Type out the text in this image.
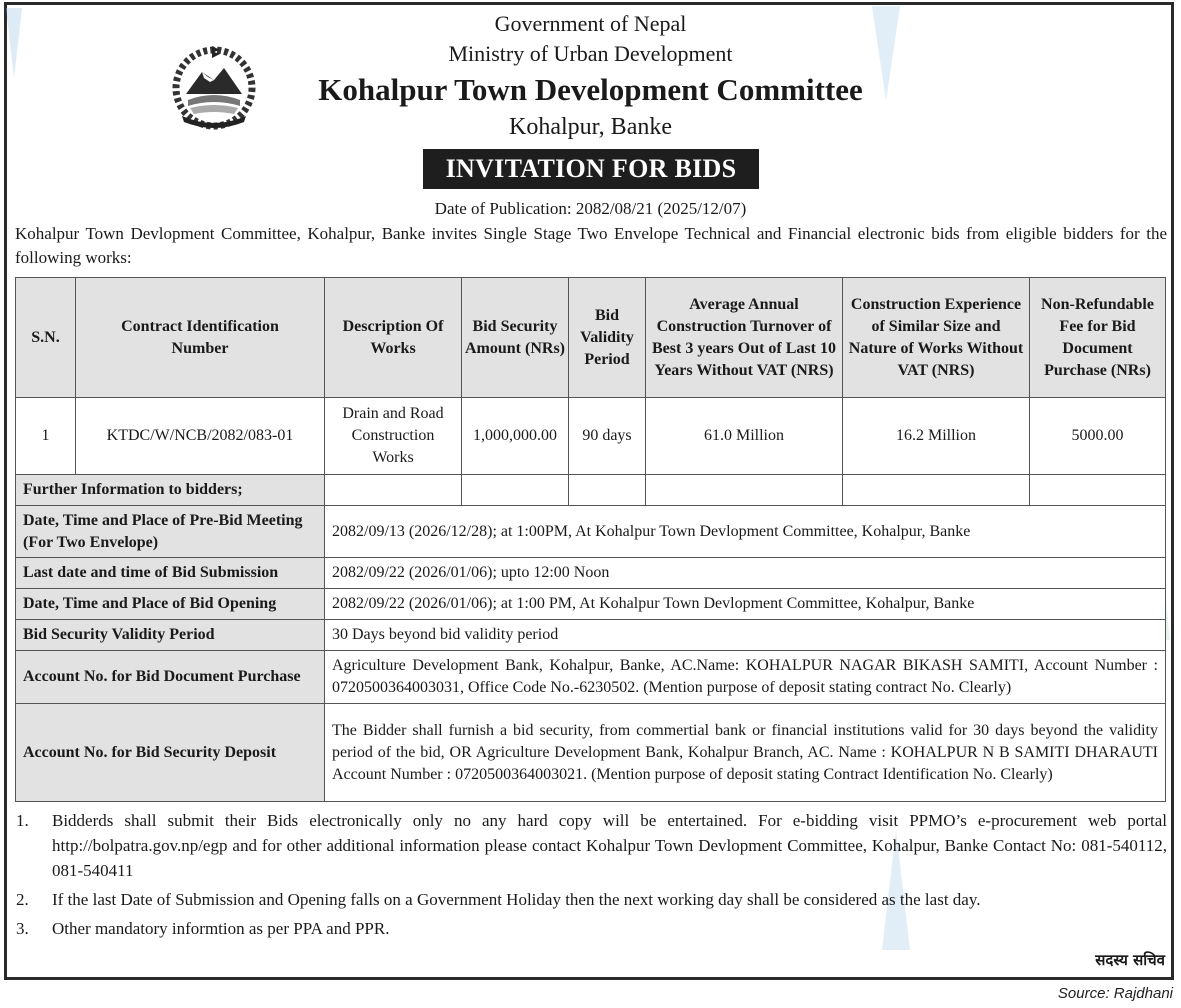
Government of Nepal
Ministry of Urban Development
Kohalpur Town Development Committee
Kohalpur, Banke
INVITATION FOR BIDS
Date of Publication: 2082/08/21 (2025/12/07)
Kohalpur Town Devlopment Committee, Kohalpur, Banke invites Single Stage Two Envelope Technical and Financial electronic bids from eligible bidders for the following works:
S.N.	Contract Identification Number	Description Of Works	Bid Security Amount (NRs)	Bid Validity Period	Average Annual Construction Turnover of Best 3 years Out of Last 10 Years Without VAT (NRS)	Construction Experience of Similar Size and Nature of Works Without VAT (NRS)	Non-Refundable Fee for Bid Document Purchase (NRs)
1	KTDC/W/NCB/2082/083-01	Drain and Road Construction Works	1,000,000.00	90 days	61.0 Million	16.2 Million	5000.00
Further Information to bidders;							
Date, Time and Place of Pre-Bid Meeting (For Two Envelope)		2082/09/13 (2026/12/28); at 1:00PM, At Kohalpur Town Devlopment Committee, Kohalpur, Banke					
Last date and time of Bid Submission		2082/09/22 (2026/01/06); upto 12:00 Noon					
Date, Time and Place of Bid Opening		2082/09/22 (2026/01/06); at 1:00 PM, At Kohalpur Town Devlopment Committee, Kohalpur, Banke					
Bid Security Validity Period		30 Days beyond bid validity period					
Account No. for Bid Document Purchase		Agriculture Development Bank, Kohalpur, Banke, AC.Name: KOHALPUR NAGAR BIKASH SAMITI, Account Number : 0720500364003031, Office Code No.-6230502. (Mention purpose of deposit stating contract No. Clearly)					
Account No. for Bid Security Deposit		The Bidder shall furnish a bid security, from commertial bank or financial institutions valid for 30 days beyond the validity period of the bid, OR Agriculture Development Bank, Kohalpur Branch, AC. Name : KOHALPUR N B SAMITI DHARAUTI Account Number : 0720500364003021. (Mention purpose of deposit stating Contract Identification No. Clearly)					
1. Bidderds shall submit their Bids electronically only no any hard copy will be entertained. For e-bidding visit PPMO’s e-procurement web portal http://bolpatra.gov.np/egp and for other additional information please contact Kohalpur Town Devlopment Committee, Kohalpur, Banke Contact No: 081-540112, 081-540411
2. If the last Date of Submission and Opening falls on a Government Holiday then the next working day shall be considered as the last day.
3. Other mandatory informtion as per PPA and PPR.
सदस्य सचिव
Source: Rajdhani
